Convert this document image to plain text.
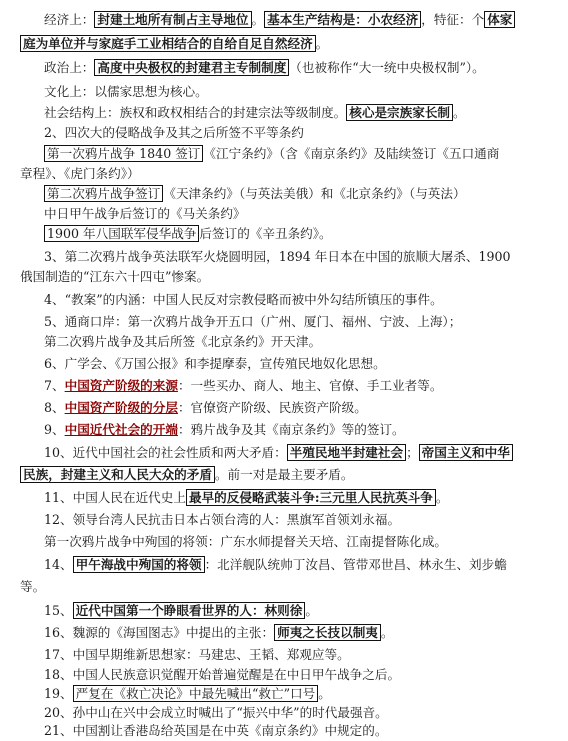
经济上： 封建土地所有制占主导地位 。 基本生产结构是：小农经济 ，特征：个 体家
庭为单位并与家庭手工业相结合的自给自足自然经济 。
政治上： 高度中央极权的封建君主专制制度 （也被称作“大一统中央极权制”）。
文化上：以儒家思想为核心。
社会结构上：族权和政权相结合的封建宗法等级制度。 核心是宗族家长制 。
2、四次大的侵略战争及其之后所签不平等条约
第一次鸦片战争 1840 签订 《江宁条约》（含《南京条约》及陆续签订《五口通商
章程》、《虎门条约》）
第二次鸦片战争签订 《天津条约》（与英法美俄）和《北京条约》（与英法）
中日甲午战争后签订的《马关条约》
1900 年八国联军侵华战争 后签订的《辛丑条约》。
3、第二次鸦片战争英法联军火烧圆明园，1894 年日本在中国的旅顺大屠杀、1900
俄国制造的“江东六十四屯”惨案。
4、“教案”的内涵：中国人民反对宗教侵略而被中外勾结所镇压的事件。
5、通商口岸：第一次鸦片战争开五口（广州、厦门、福州、宁波、上海）；
第二次鸦片战争及其后所签《北京条约》开天津。
6、广学会、《万国公报》和李提摩泰，宣传殖民地奴化思想。
7、中国资产阶级的来源：一些买办、商人、地主、官僚、手工业者等。
8、中国资产阶级的分层：官僚资产阶级、民族资产阶级。
9、中国近代社会的开端：鸦片战争及其《南京条约》等的签订。
10、近代中国社会的社会性质和两大矛盾： 半殖民地半封建社会 ； 帝国主义和中华
民族，封建主义和人民大众的矛盾 。前一对是最主要矛盾。
11、中国人民在近代史上 最早的反侵略武装斗争:三元里人民抗英斗争 。
12、领导台湾人民抗击日本占领台湾的人：黑旗军首领刘永福。
第一次鸦片战争中殉国的将领：广东水师提督关天培、江南提督陈化成。
14、 甲午海战中殉国的将领 ：北洋舰队统帅丁汝昌、管带邓世昌、林永生、刘步蟾
等。
15、 近代中国第一个睁眼看世界的人：林则徐 。
16、魏源的《海国图志》中提出的主张： 师夷之长技以制夷 。
17、中国早期维新思想家：马建忠、王韬、郑观应等。
18、中国人民族意识觉醒开始普遍觉醒是在中日甲午战争之后。
19、 严复在《救亡决论》中最先喊出“救亡”口号 。
20、孙中山在兴中会成立时喊出了“振兴中华”的时代最强音。
21、中国割让香港岛给英国是在中英《南京条约》中规定的。
